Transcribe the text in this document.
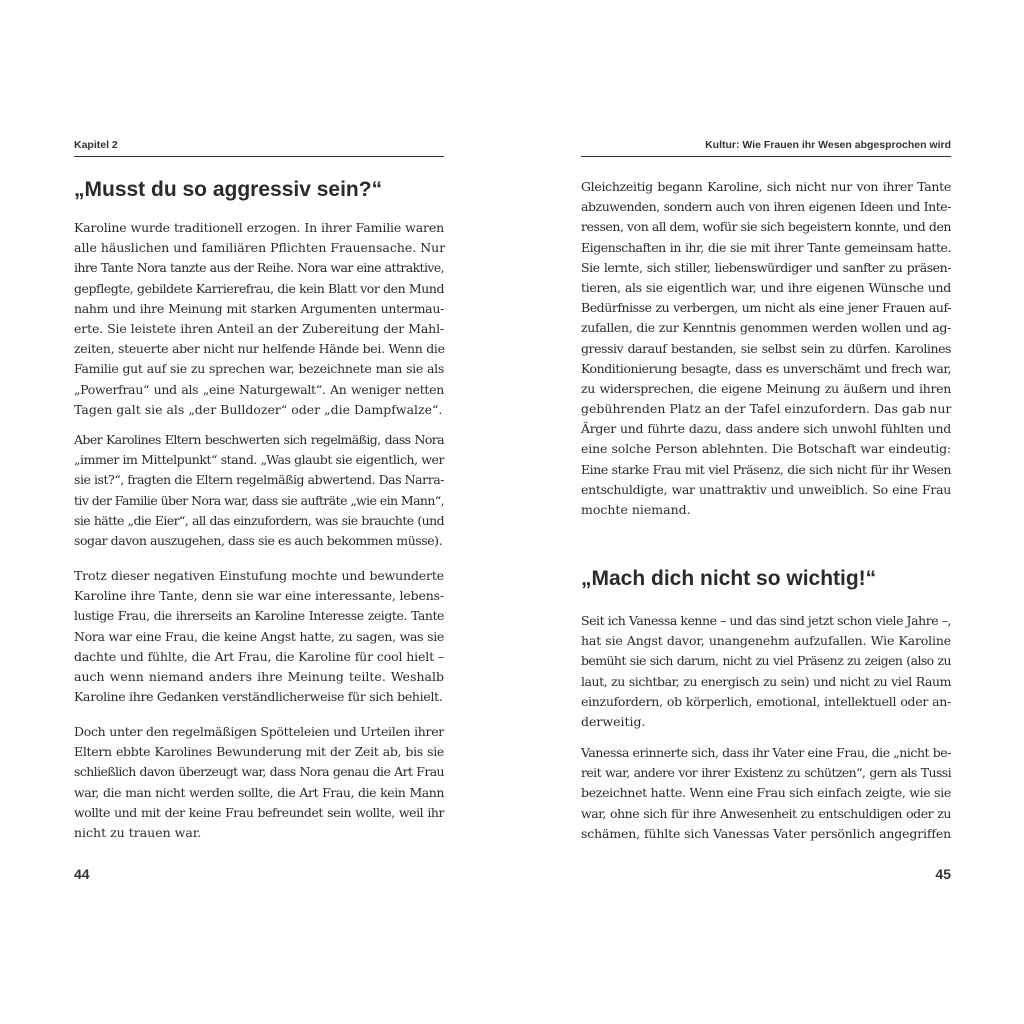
Kapitel 2
„Musst du so aggressiv sein?“
Karoline wurde traditionell erzogen. In ihrer Familie waren
alle häuslichen und familiären Pflichten Frauensache. Nur
ihre Tante Nora tanzte aus der Reihe. Nora war eine attraktive,
gepflegte, gebildete Karrierefrau, die kein Blatt vor den Mund
nahm und ihre Meinung mit starken Argumenten untermau-
erte. Sie leistete ihren Anteil an der Zubereitung der Mahl-
zeiten, steuerte aber nicht nur helfende Hände bei. Wenn die
Familie gut auf sie zu sprechen war, bezeichnete man sie als
„Powerfrau“ und als „eine Naturgewalt“. An weniger netten
Tagen galt sie als „der Bulldozer“ oder „die Dampfwalze“.
Aber Karolines Eltern beschwerten sich regelmäßig, dass Nora
„immer im Mittelpunkt“ stand. „Was glaubt sie eigentlich, wer
sie ist?“, fragten die Eltern regelmäßig abwertend. Das Narra-
tiv der Familie über Nora war, dass sie aufträte „wie ein Mann“,
sie hätte „die Eier“, all das einzufordern, was sie brauchte (und
sogar davon auszugehen, dass sie es auch bekommen müsse).
Trotz dieser negativen Einstufung mochte und bewunderte
Karoline ihre Tante, denn sie war eine interessante, lebens-
lustige Frau, die ihrerseits an Karoline Interesse zeigte. Tante
Nora war eine Frau, die keine Angst hatte, zu sagen, was sie
dachte und fühlte, die Art Frau, die Karoline für cool hielt –
auch wenn niemand anders ihre Meinung teilte. Weshalb
Karoline ihre Gedanken verständlicherweise für sich behielt.
Doch unter den regelmäßigen Spötteleien und Urteilen ihrer
Eltern ebbte Karolines Bewunderung mit der Zeit ab, bis sie
schließlich davon überzeugt war, dass Nora genau die Art Frau
war, die man nicht werden sollte, die Art Frau, die kein Mann
wollte und mit der keine Frau befreundet sein wollte, weil ihr
nicht zu trauen war.
44
Kultur: Wie Frauen ihr Wesen abgesprochen wird
Gleichzeitig begann Karoline, sich nicht nur von ihrer Tante
abzuwenden, sondern auch von ihren eigenen Ideen und Inte-
ressen, von all dem, wofür sie sich begeistern konnte, und den
Eigenschaften in ihr, die sie mit ihrer Tante gemeinsam hatte.
Sie lernte, sich stiller, liebenswürdiger und sanfter zu präsen-
tieren, als sie eigentlich war, und ihre eigenen Wünsche und
Bedürfnisse zu verbergen, um nicht als eine jener Frauen auf-
zufallen, die zur Kenntnis genommen werden wollen und ag-
gressiv darauf bestanden, sie selbst sein zu dürfen. Karolines
Konditionierung besagte, dass es unverschämt und frech war,
zu widersprechen, die eigene Meinung zu äußern und ihren
gebührenden Platz an der Tafel einzufordern. Das gab nur
Ärger und führte dazu, dass andere sich unwohl fühlten und
eine solche Person ablehnten. Die Botschaft war eindeutig:
Eine starke Frau mit viel Präsenz, die sich nicht für ihr Wesen
entschuldigte, war unattraktiv und unweiblich. So eine Frau
mochte niemand.
„Mach dich nicht so wichtig!“
Seit ich Vanessa kenne – und das sind jetzt schon viele Jahre –,
hat sie Angst davor, unangenehm aufzufallen. Wie Karoline
bemüht sie sich darum, nicht zu viel Präsenz zu zeigen (also zu
laut, zu sichtbar, zu energisch zu sein) und nicht zu viel Raum
einzufordern, ob körperlich, emotional, intellektuell oder an-
derweitig.
Vanessa erinnerte sich, dass ihr Vater eine Frau, die „nicht be-
reit war, andere vor ihrer Existenz zu schützen“, gern als Tussi
bezeichnet hatte. Wenn eine Frau sich einfach zeigte, wie sie
war, ohne sich für ihre Anwesenheit zu entschuldigen oder zu
schämen, fühlte sich Vanessas Vater persönlich angegriffen
45
